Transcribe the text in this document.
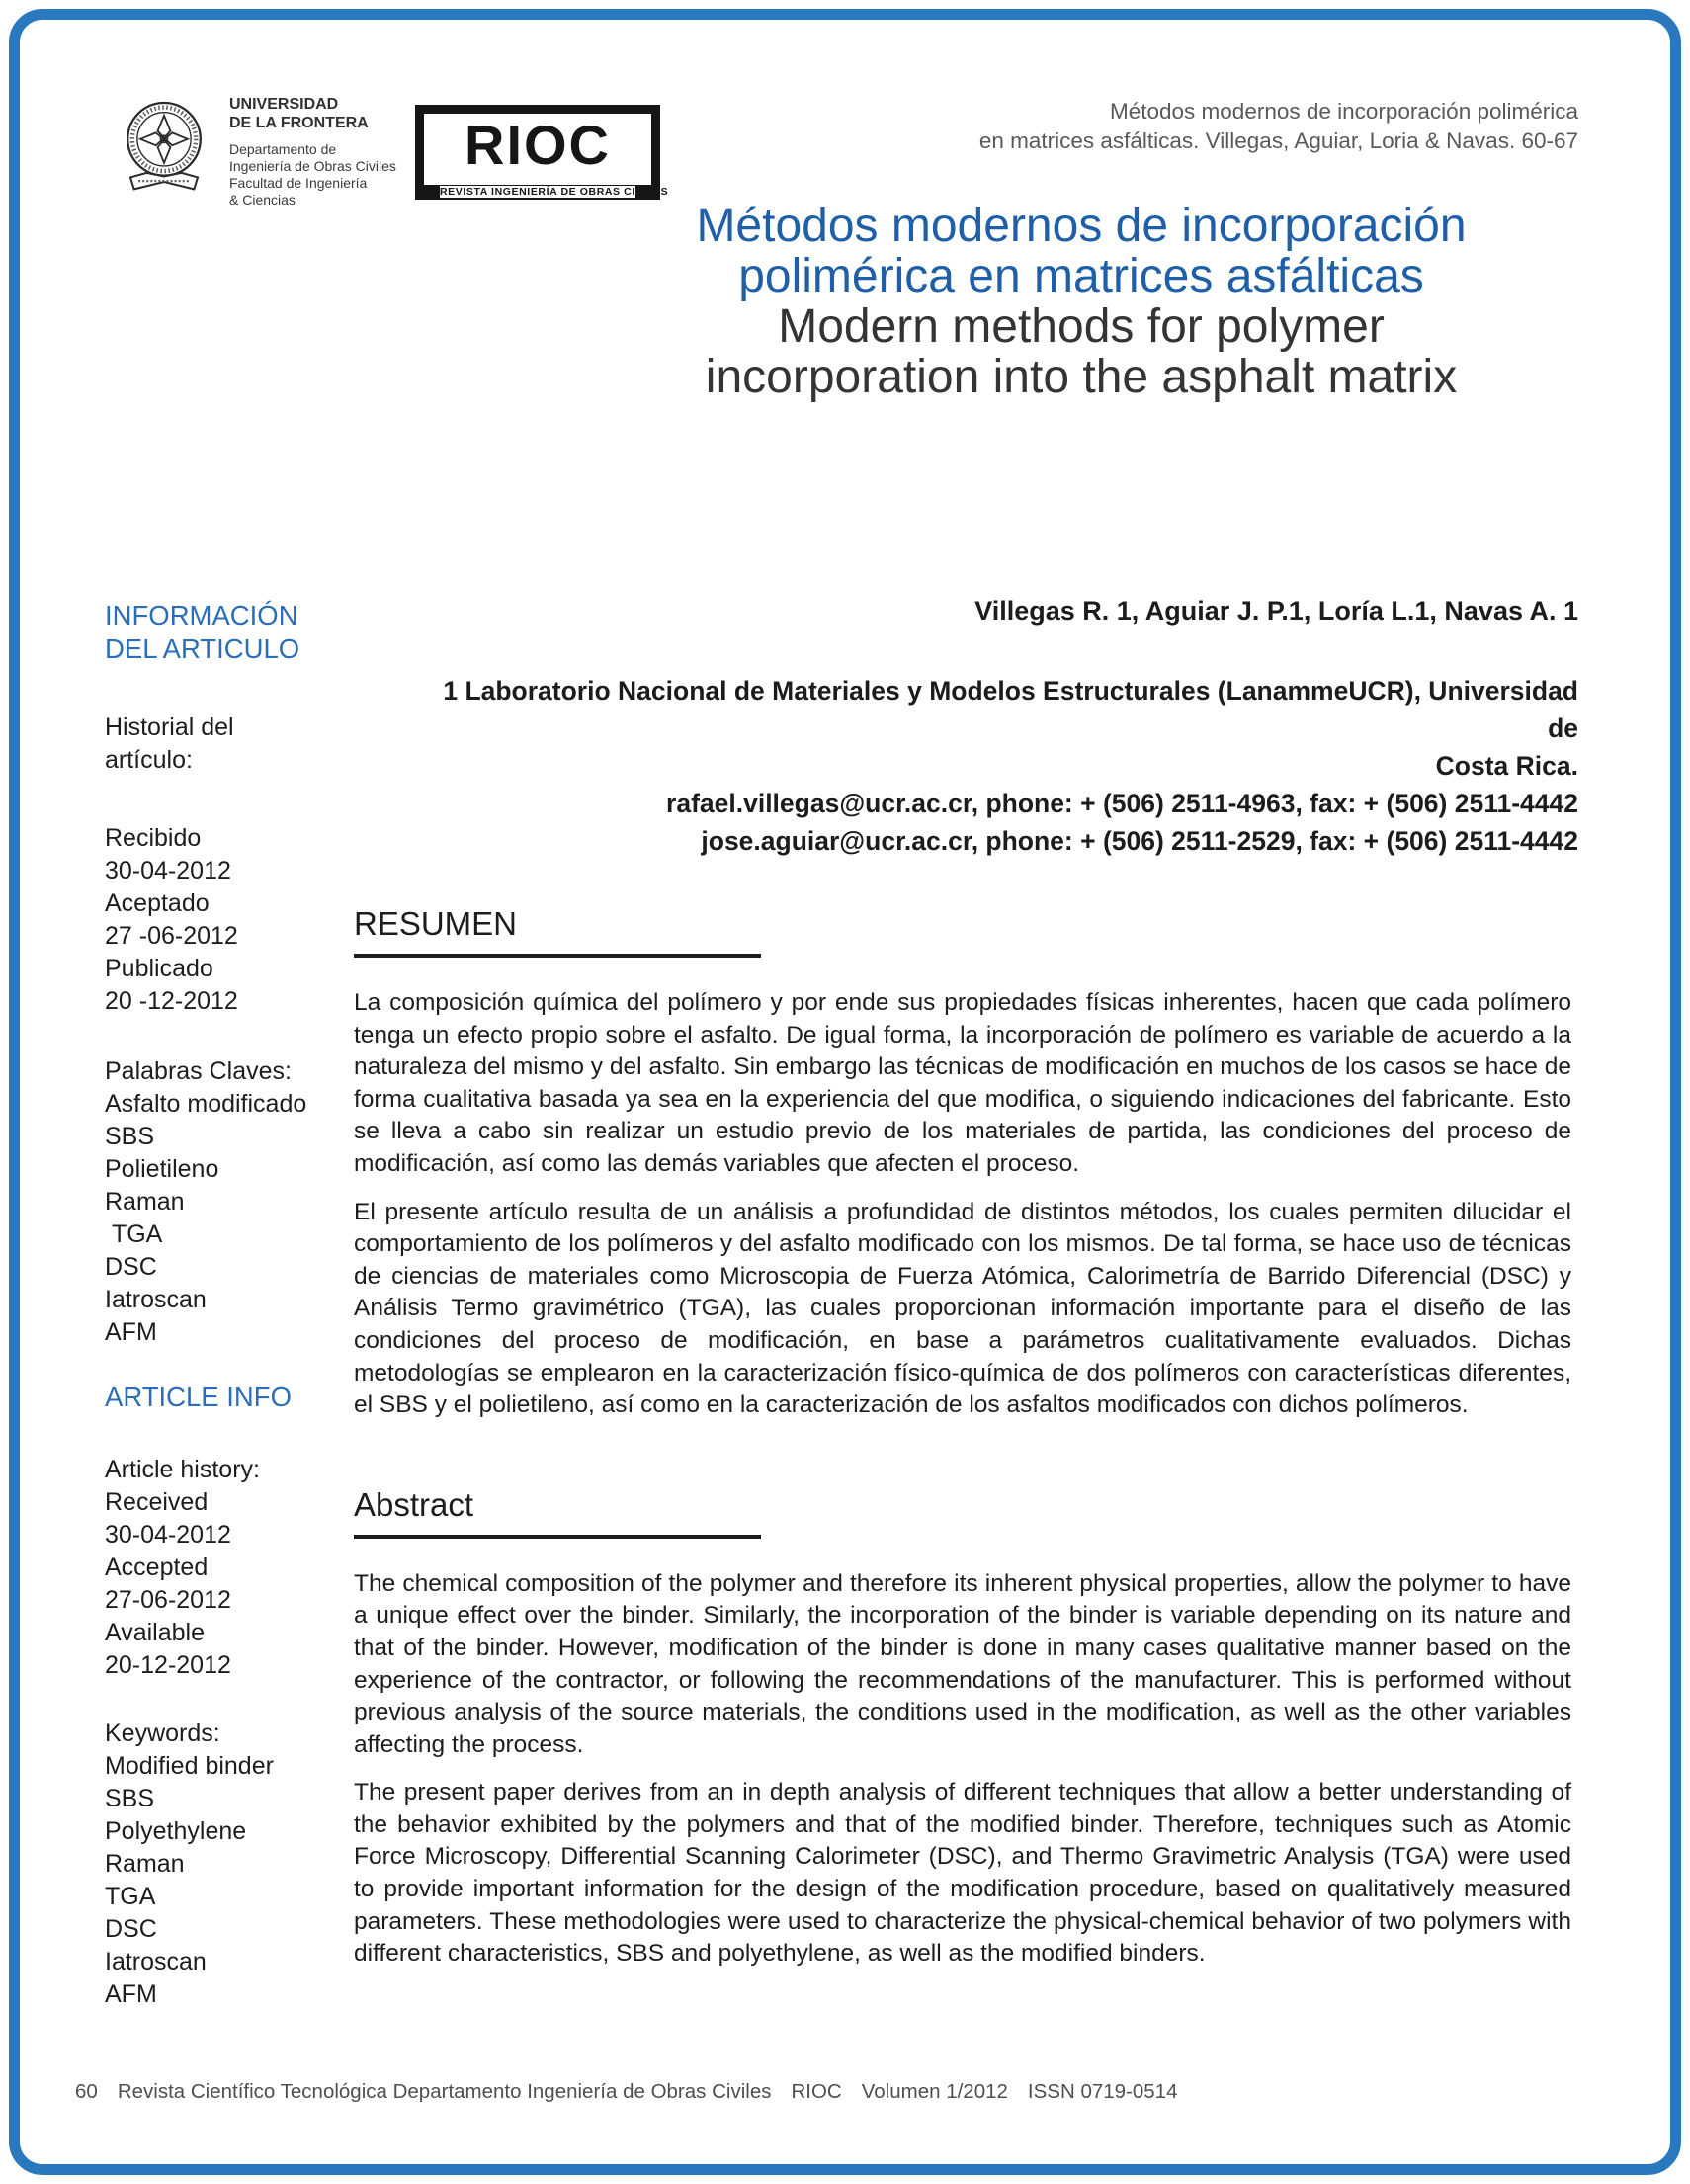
UNIVERSIDAD
DE LA FRONTERA
Departamento de
Ingeniería de Obras Civiles
Facultad de Ingeniería
& Ciencias
RIOC
REVISTA INGENIERÍA DE OBRAS CIVILES
Métodos modernos de incorporación polimérica
en matrices asfálticas. Villegas, Aguiar, Loria & Navas. 60-67
Métodos modernos de incorporación
polimérica en matrices asfálticas
Modern methods for polymer
incorporation into the asphalt matrix
Villegas R. 1, Aguiar J. P.1, Loría L.1, Navas A. 1
1 Laboratorio Nacional de Materiales y Modelos Estructurales (LanammeUCR), Universidad de
Costa Rica.
rafael.villegas@ucr.ac.cr, phone: + (506) 2511-4963, fax: + (506) 2511-4442
jose.aguiar@ucr.ac.cr, phone: + (506) 2511-2529, fax: + (506) 2511-4442
INFORMACIÓN
DEL ARTICULO
Historial del
artículo:
Recibido
30-04-2012
Aceptado
27 -06-2012
Publicado
20 -12-2012
Palabras Claves:
Asfalto modificado
SBS
Polietileno
Raman
TGA
DSC
Iatroscan
AFM
ARTICLE INFO
Article history:
Received
30-04-2012
Accepted
27-06-2012
Available
20-12-2012
Keywords:
Modified binder
SBS
Polyethylene
Raman
TGA
DSC
Iatroscan
AFM
RESUMEN

La composición química del polímero y por ende sus propiedades físicas inherentes, hacen que cada polímero tenga un efecto propio sobre el asfalto. De igual forma, la incorporación de polímero es variable de acuerdo a la naturaleza del mismo y del asfalto. Sin embargo las técnicas de modificación en muchos de los casos se hace de forma cualitativa basada ya sea en la experiencia del que modifica, o siguiendo indicaciones del fabricante. Esto se lleva a cabo sin realizar un estudio previo de los materiales de partida, las condiciones del proceso de modificación, así como las demás variables que afecten el proceso.

El presente artículo resulta de un análisis a profundidad de distintos métodos, los cuales permiten dilucidar el comportamiento de los polímeros y del asfalto modificado con los mismos. De tal forma, se hace uso de técnicas de ciencias de materiales como Microscopia de Fuerza Atómica, Calorimetría de Barrido Diferencial (DSC) y Análisis Termo gravimétrico (TGA), las cuales proporcionan información importante para el diseño de las condiciones del proceso de modificación, en base a parámetros cualitativamente evaluados. Dichas metodologías se emplearon en la caracterización físico-química de dos polímeros con características diferentes, el SBS y el polietileno, así como en la caracterización de los asfaltos modificados con dichos polímeros.

Abstract

The chemical composition of the polymer and therefore its inherent physical properties, allow the polymer to have a unique effect over the binder. Similarly, the incorporation of the binder is variable depending on its nature and that of the binder. However, modification of the binder is done in many cases qualitative manner based on the experience of the contractor, or following the recommendations of the manufacturer. This is performed without previous analysis of the source materials, the conditions used in the modification, as well as the other variables affecting the process.

The present paper derives from an in depth analysis of different techniques that allow a better understanding of the behavior exhibited by the polymers and that of the modified binder. Therefore, techniques such as Atomic Force Microscopy, Differential Scanning Calorimeter (DSC), and Thermo Gravimetric Analysis (TGA) were used to provide important information for the design of the modification procedure, based on qualitatively measured parameters. These methodologies were used to characterize the physical-chemical behavior of two polymers with different characteristics, SBS and polyethylene, as well as the modified binders.

60 Revista Científico Tecnológica Departamento Ingeniería de Obras Civiles RIOC Volumen 1/2012 ISSN 0719-0514
